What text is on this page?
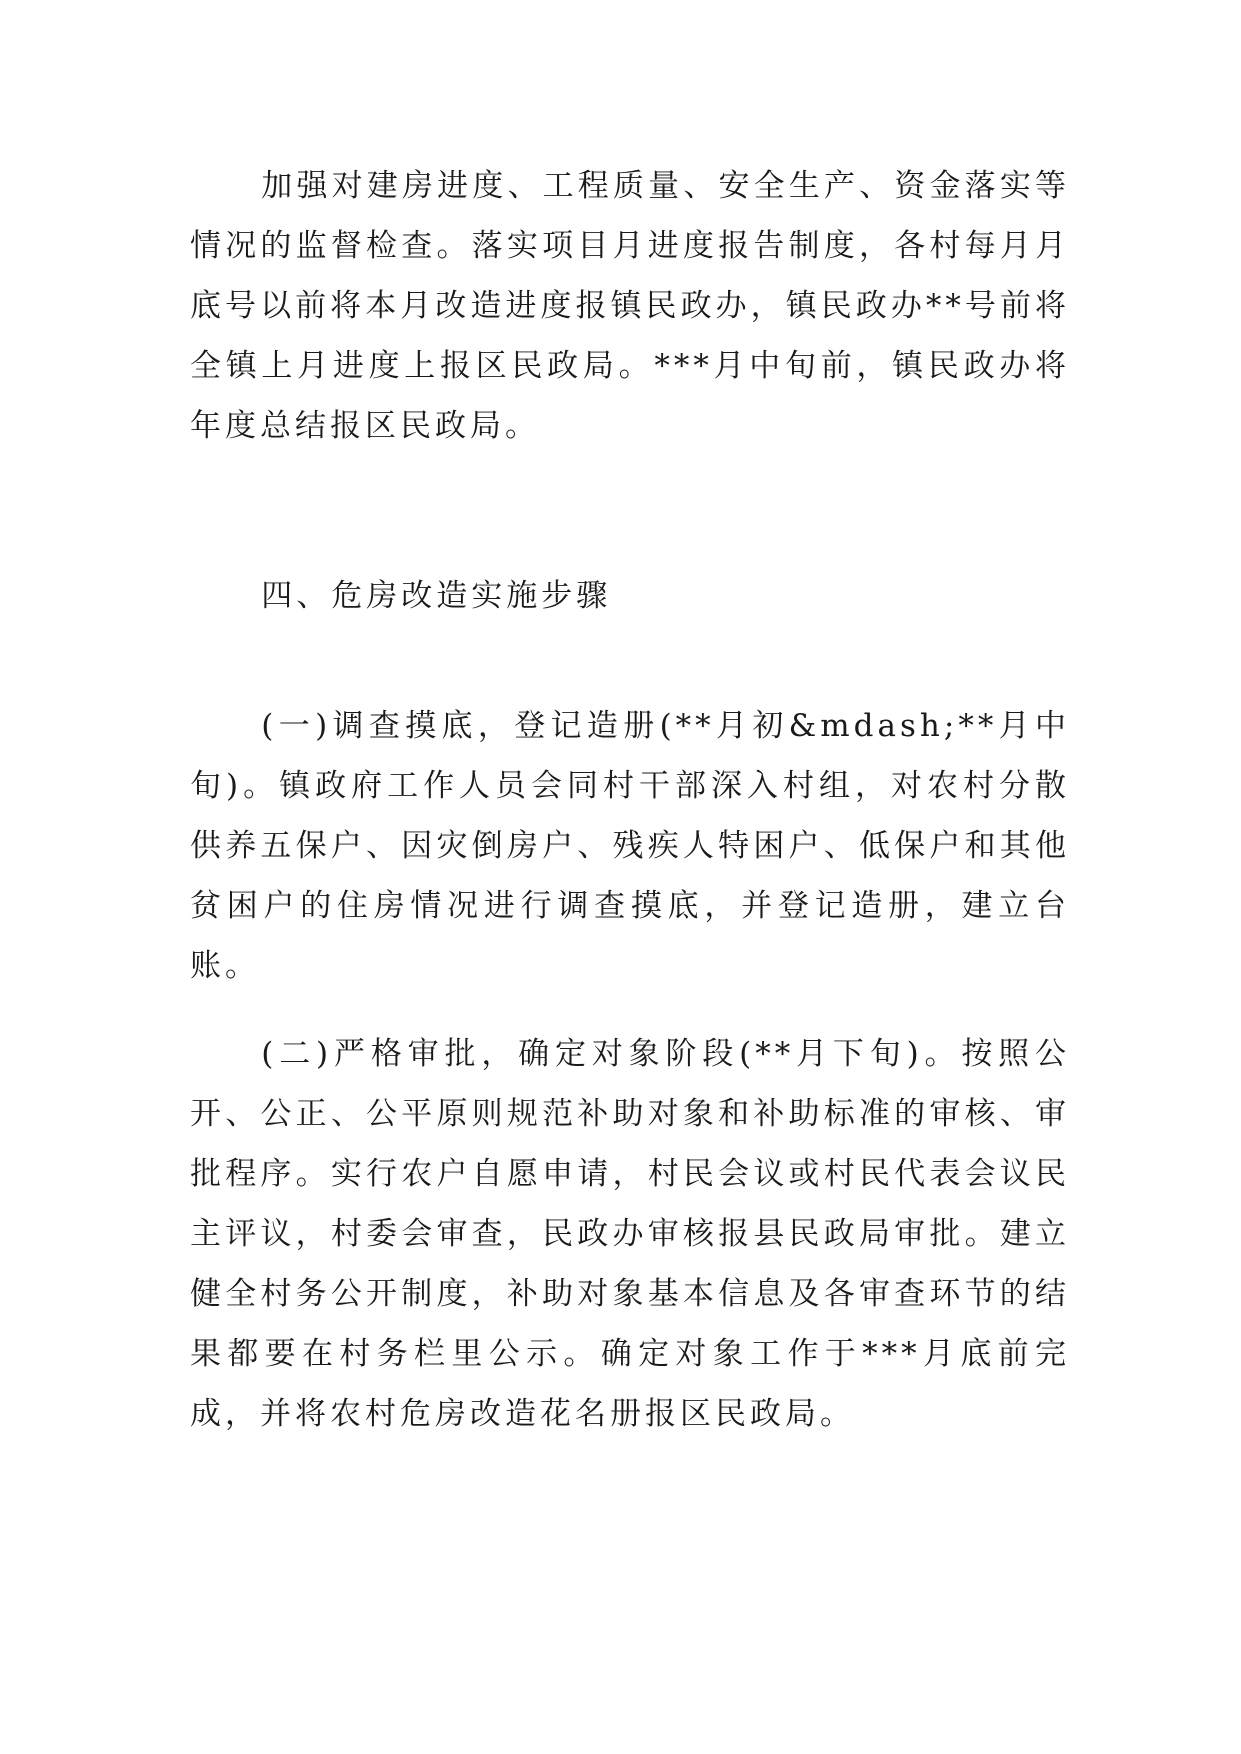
加强对建房进度、工程质量、安全生产、资金落实等情况的监督检查。落实项目月进度报告制度，各村每月月底号以前将本月改造进度报镇民政办，镇民政办**号前将全镇上月进度上报区民政局。***月中旬前，镇民政办将年度总结报区民政局。

四、危房改造实施步骤

(一)调查摸底，登记造册(**月初&mdash;**月中旬)。镇政府工作人员会同村干部深入村组，对农村分散供养五保户、因灾倒房户、残疾人特困户、低保户和其他贫困户的住房情况进行调查摸底，并登记造册，建立台账。

(二)严格审批，确定对象阶段(**月下旬)。按照公开、公正、公平原则规范补助对象和补助标准的审核、审批程序。实行农户自愿申请，村民会议或村民代表会议民主评议，村委会审查，民政办审核报县民政局审批。建立健全村务公开制度，补助对象基本信息及各审查环节的结果都要在村务栏里公示。确定对象工作于***月底前完成，并将农村危房改造花名册报区民政局。
